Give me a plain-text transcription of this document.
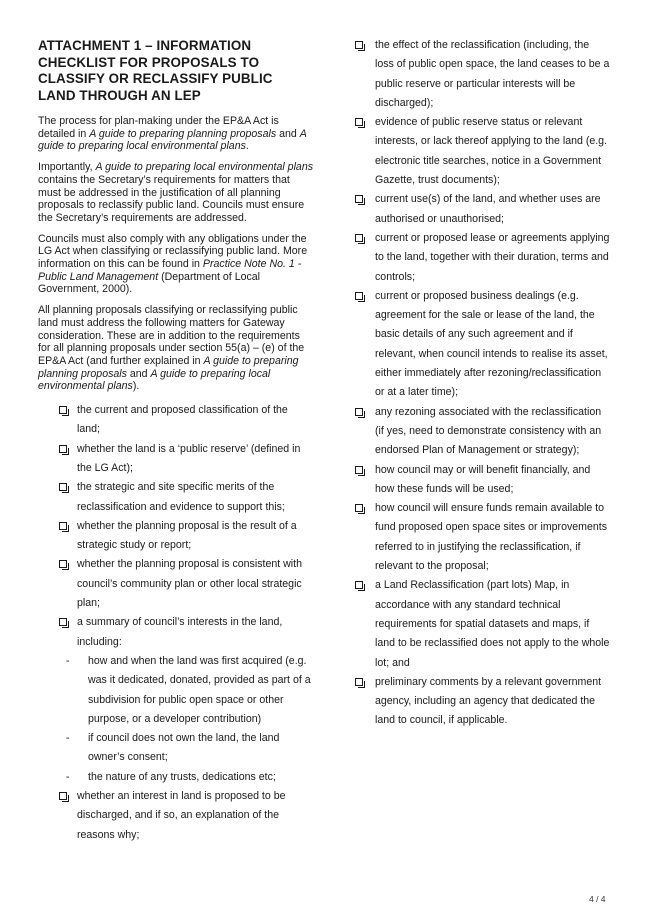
ATTACHMENT 1 – INFORMATION CHECKLIST FOR PROPOSALS TO CLASSIFY OR RECLASSIFY PUBLIC LAND THROUGH AN LEP

The process for plan-making under the EP&A Act is detailed in A guide to preparing planning proposals and A guide to preparing local environmental plans.

Importantly, A guide to preparing local environmental plans contains the Secretary’s requirements for matters that must be addressed in the justification of all planning proposals to reclassify public land. Councils must ensure the Secretary’s requirements are addressed.

Councils must also comply with any obligations under the LG Act when classifying or reclassifying public land. More information on this can be found in Practice Note No. 1 - Public Land Management (Department of Local Government, 2000).

All planning proposals classifying or reclassifying public land must address the following matters for Gateway consideration. These are in addition to the requirements for all planning proposals under section 55(a) – (e) of the EP&A Act (and further explained in A guide to preparing planning proposals and A guide to preparing local environmental plans).

the current and proposed classification of the land;
whether the land is a ‘public reserve’ (defined in the LG Act);
the strategic and site specific merits of the reclassification and evidence to support this;
whether the planning proposal is the result of a strategic study or report;
whether the planning proposal is consistent with council’s community plan or other local strategic plan;
a summary of council’s interests in the land, including:
-	how and when the land was first acquired (e.g. was it dedicated, donated, provided as part of a subdivision for public open space or other purpose, or a developer contribution)
-	if council does not own the land, the land owner’s consent;
-	the nature of any trusts, dedications etc;
whether an interest in land is proposed to be discharged, and if so, an explanation of the reasons why;
the effect of the reclassification (including, the loss of public open space, the land ceases to be a public reserve or particular interests will be discharged);
evidence of public reserve status or relevant interests, or lack thereof applying to the land (e.g. electronic title searches, notice in a Government Gazette, trust documents);
current use(s) of the land, and whether uses are authorised or unauthorised;
current or proposed lease or agreements applying to the land, together with their duration, terms and controls;
current or proposed business dealings (e.g. agreement for the sale or lease of the land, the basic details of any such agreement and if relevant, when council intends to realise its asset, either immediately after rezoning/reclassification or at a later time);
any rezoning associated with the reclassification (if yes, need to demonstrate consistency with an endorsed Plan of Management or strategy);
how council may or will benefit financially, and how these funds will be used;
how council will ensure funds remain available to fund proposed open space sites or improvements referred to in justifying the reclassification, if relevant to the proposal;
a Land Reclassification (part lots) Map, in accordance with any standard technical requirements for spatial datasets and maps, if land to be reclassified does not apply to the whole lot; and
preliminary comments by a relevant government agency, including an agency that dedicated the land to council, if applicable.
4 / 4
